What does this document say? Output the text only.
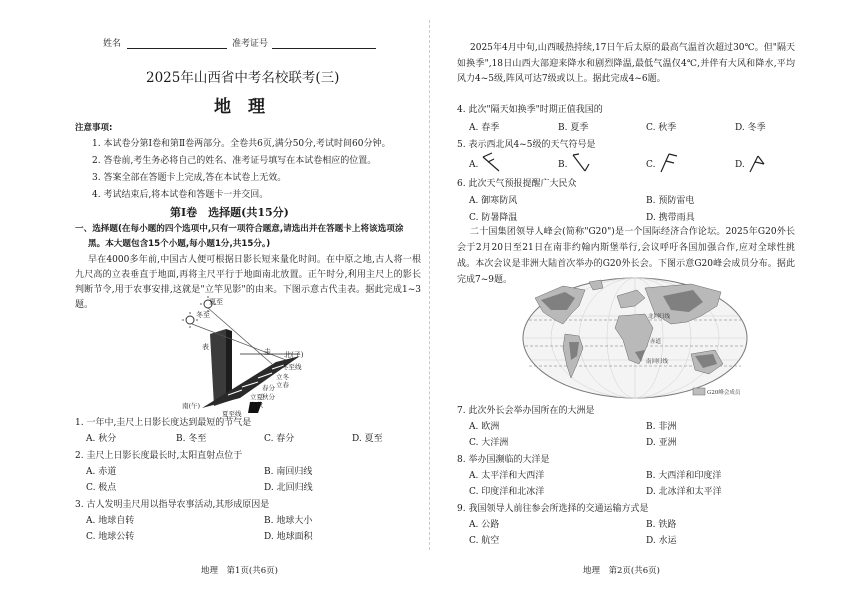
姓名	准考证号
2025年山西省中考名校联考(三)
地　理
注意事项:
1. 本试卷分第Ⅰ卷和第Ⅱ卷两部分。全卷共6页,满分50分,考试时间60分钟。
2. 答卷前,考生务必将自己的姓名、准考证号填写在本试卷相应的位置。
3. 答案全部在答题卡上完成,答在本试卷上无效。
4. 考试结束后,将本试卷和答题卡一并交回。
第Ⅰ卷　选择题(共15分)
一、选择题(在每小题的四个选项中,只有一项符合题意,请选出并在答题卡上将该选项涂
黑。本大题包含15个小题,每小题1分,共15分。)
早在4000多年前,中国古人便可根据日影长短来量化时间。在中原之地,古人将一根九尺高的立表垂直于地面,再将主尺平行于地面南北放置。正午时分,利用主尺上的影长判断节令,用于农事安排,这就是"立竿见影"的由来。下图示意古代圭表。据此完成1~3题。	夏至
冬至
表
圭 北(子)
冬至线
立冬
立春
春分
秋分
立夏
立秋
南(午)
夏至线
1. 一年中,圭尺上日影长度达到最短的节气是
A. 秋分	B. 冬至	C. 春分	D. 夏至
2. 圭尺上日影长度最长时,太阳直射点位于
A. 赤道	B. 南回归线
C. 极点	D. 北回归线
3. 古人发明圭尺用以指导农事活动,其形成原因是
A. 地球自转	B. 地球大小
C. 地球公转	D. 地球面积
地理　第1页(共6页)
2025年4月中旬,山西暖热持续,17日午后太原的最高气温首次超过30℃。但"隔天如换季",18日山西大部迎来降水和剧烈降温,最低气温仅4℃,并伴有大风和降水,平均风力4~5级,阵风可达7级或以上。据此完成4~6题。
4. 此次"隔天如换季"时期正值我国的
A. 春季	B. 夏季	C. 秋季	D. 冬季
5. 表示西北风4~5级的天气符号是
A.	B.	C.	D.
6. 此次天气预报提醒广大民众
A. 御寒防风	B. 预防雷电
C. 防暑降温	D. 携带雨具
二十国集团领导人峰会(简称"G20")是一个国际经济合作论坛。2025年G20外长会于2月20日至21日在南非约翰内斯堡举行,会议呼吁各国加强合作,应对全球性挑战。本次会议是非洲大陆首次举办的G20外长会。下图示意G20峰会成员分布。据此完成7~9题。
北回归线
赤道
南回归线
G20峰会成员
7. 此次外长会举办国所在的大洲是
A. 欧洲	B. 非洲
C. 大洋洲	D. 亚洲
8. 举办国濒临的大洋是
A. 太平洋和大西洋	B. 大西洋和印度洋
C. 印度洋和北冰洋	D. 北冰洋和太平洋
9. 我国领导人前往参会所选择的交通运输方式是
A. 公路	B. 铁路
C. 航空	D. 水运
地理　第2页(共6页)
